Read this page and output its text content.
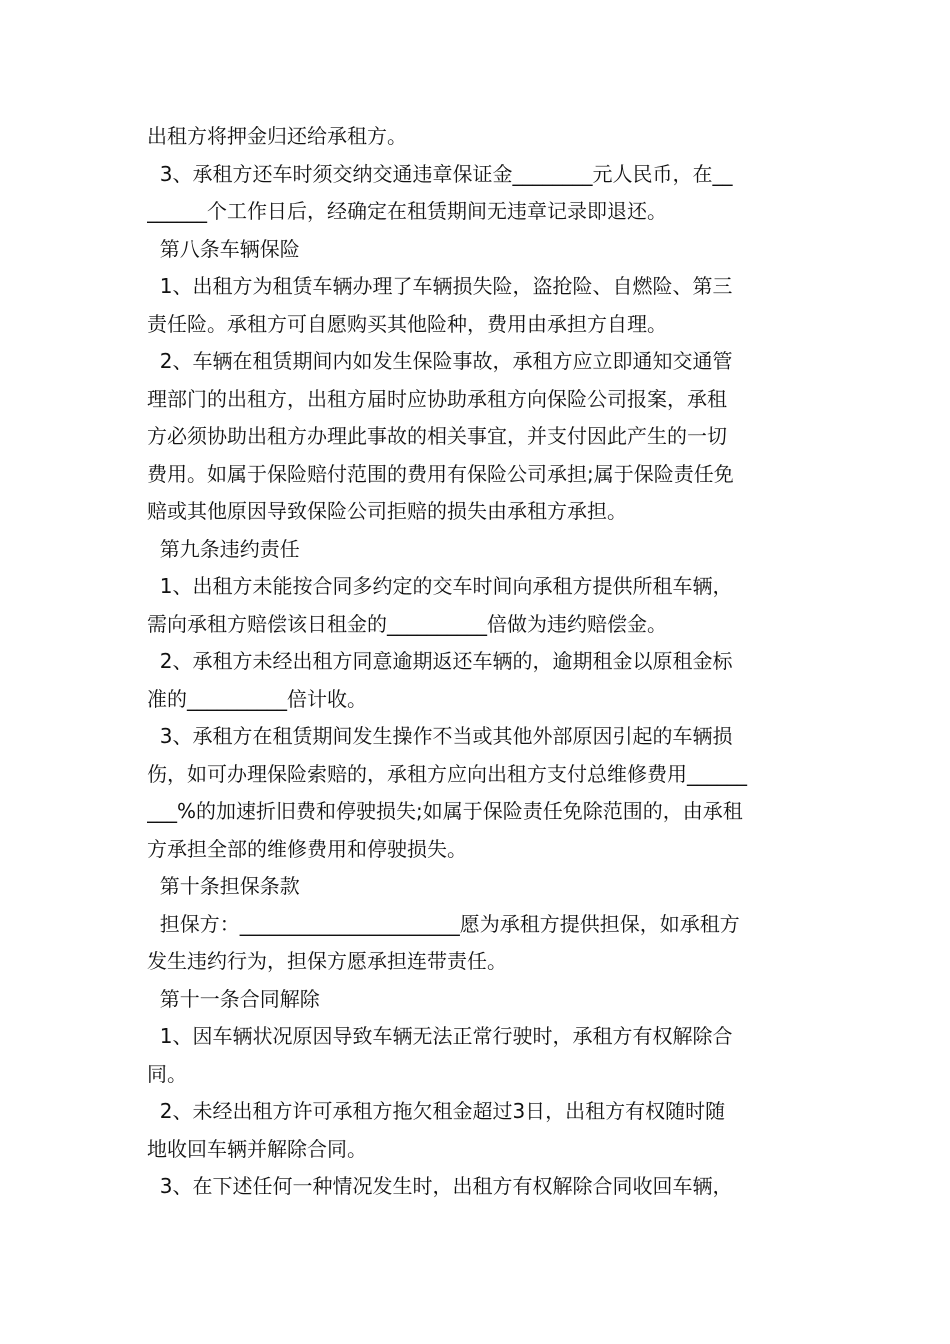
出租方将押金归还给承租方。
3、承租方还车时须交纳交通违章保证金________元人民币，在__
______个工作日后，经确定在租赁期间无违章记录即退还。
第八条车辆保险
1、出租方为租赁车辆办理了车辆损失险，盗抢险、自燃险、第三
责任险。承租方可自愿购买其他险种，费用由承担方自理。
2、车辆在租赁期间内如发生保险事故，承租方应立即通知交通管
理部门的出租方，出租方届时应协助承租方向保险公司报案，承租
方必须协助出租方办理此事故的相关事宜，并支付因此产生的一切
费用。如属于保险赔付范围的费用有保险公司承担;属于保险责任免
赔或其他原因导致保险公司拒赔的损失由承租方承担。
第九条违约责任
1、出租方未能按合同多约定的交车时间向承租方提供所租车辆，
需向承租方赔偿该日租金的__________倍做为违约赔偿金。
2、承租方未经出租方同意逾期返还车辆的，逾期租金以原租金标
准的__________倍计收。
3、承租方在租赁期间发生操作不当或其他外部原因引起的车辆损
伤，如可办理保险索赔的，承租方应向出租方支付总维修费用______
___%的加速折旧费和停驶损失;如属于保险责任免除范围的，由承租
方承担全部的维修费用和停驶损失。
第十条担保条款
担保方：______________________愿为承租方提供担保，如承租方
发生违约行为，担保方愿承担连带责任。
第十一条合同解除
1、因车辆状况原因导致车辆无法正常行驶时，承租方有权解除合
同。
2、未经出租方许可承租方拖欠租金超过3日，出租方有权随时随
地收回车辆并解除合同。
3、在下述任何一种情况发生时，出租方有权解除合同收回车辆，
